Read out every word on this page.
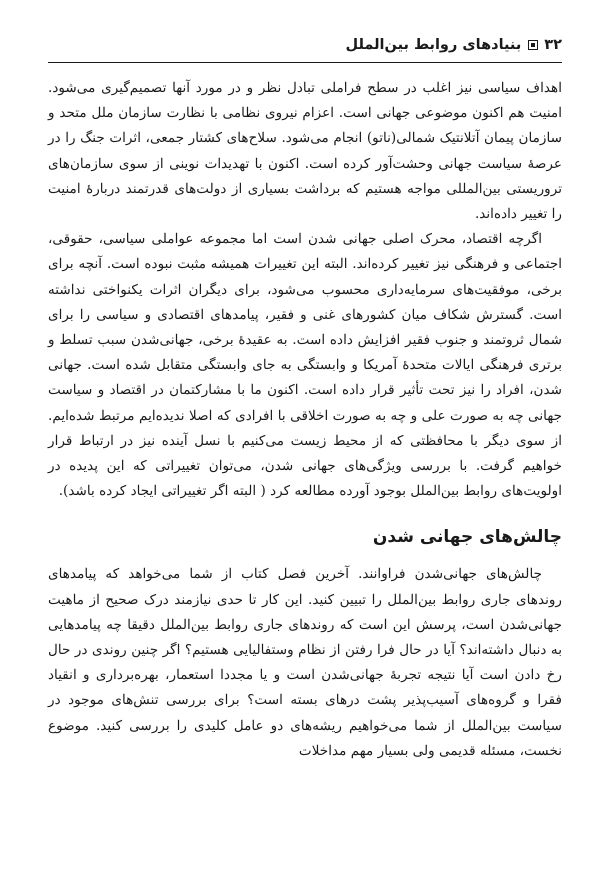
۳۲
بنیادهای روابط بین‌الملل

اهداف سیاسی نیز اغلب در سطح فراملی تبادل نظر و در مورد آنها تصمیم‌گیری می‌شود. امنیت هم اکنون موضوعی جهانی است. اعزام نیروی نظامی با نظارت سازمان ملل متحد و سازمان پیمان آتلانتیک شمالی(ناتو) انجام می‌شود. سلاح‌های کشتار جمعی، اثرات جنگ را در عرصهٔ سیاست جهانی وحشت‌آور کرده است. اکنون با تهدیدات نوینی از سوی سازمان‌های تروریستی بین‌المللی مواجه هستیم که برداشت بسیاری از دولت‌های قدرتمند دربارهٔ امنیت را تغییر داده‌اند.

اگرچه اقتصاد، محرک اصلی جهانی شدن است اما مجموعه عواملی سیاسی، حقوقی، اجتماعی و فرهنگی نیز تغییر کرده‌اند. البته این تغییرات همیشه مثبت نبوده است. آنچه برای برخی، موفقیت‌های سرمایه‌داری محسوب می‌شود، برای دیگران اثرات یکنواختی نداشته است. گسترش شکاف میان کشورهای غنی و فقیر، پیامدهای اقتصادی و سیاسی را برای شمال ثروتمند و جنوب فقیر افزایش داده است. به عقیدهٔ برخی، جهانی‌شدن سبب تسلط و برتری فرهنگی ایالات متحدهٔ آمریکا و وابستگی به جای وابستگی متقابل شده است. جهانی شدن، افراد را نیز تحت تأثیر قرار داده است. اکنون ما با مشارکتمان در اقتصاد و سیاست جهانی چه به صورت علی و چه به صورت اخلاقی با افرادی که اصلا ندیده‌ایم مرتبط شده‌ایم. از سوی دیگر با محافظتی که از محیط زیست می‌کنیم با نسل آینده نیز در ارتباط قرار خواهیم گرفت. با بررسی ویژگی‌های جهانی شدن، می‌توان تغییراتی که این پدیده در اولویت‌های روابط بین‌الملل بوجود آورده مطالعه کرد ( البته اگر تغییراتی ایجاد کرده باشد).

چالش‌های جهانی شدن

چالش‌های جهانی‌شدن فراوانند. آخرین فصل کتاب از شما می‌خواهد که پیامدهای روندهای جاری روابط بین‌الملل را تبیین کنید. این کار تا حدی نیازمند درک صحیح از ماهیت جهانی‌شدن است، پرسش این است که روندهای جاری روابط بین‌الملل دقیقا چه پیامدهایی به دنبال داشته‌اند؟ آیا در حال فرا رفتن از نظام وستفالیایی هستیم؟ اگر چنین روندی در حال رخ دادن است آیا نتیجه تجربهٔ جهانی‌شدن است و یا مجددا استعمار، بهره‌برداری و انقیاد فقرا و گروه‌های آسیب‌پذیر پشت درهای بسته است؟ برای بررسی تنش‌های موجود در سیاست بین‌الملل از شما می‌خواهیم ریشه‌های دو عامل کلیدی را بررسی کنید. موضوع نخست، مسئله قدیمی ولی بسیار مهم مداخلات
